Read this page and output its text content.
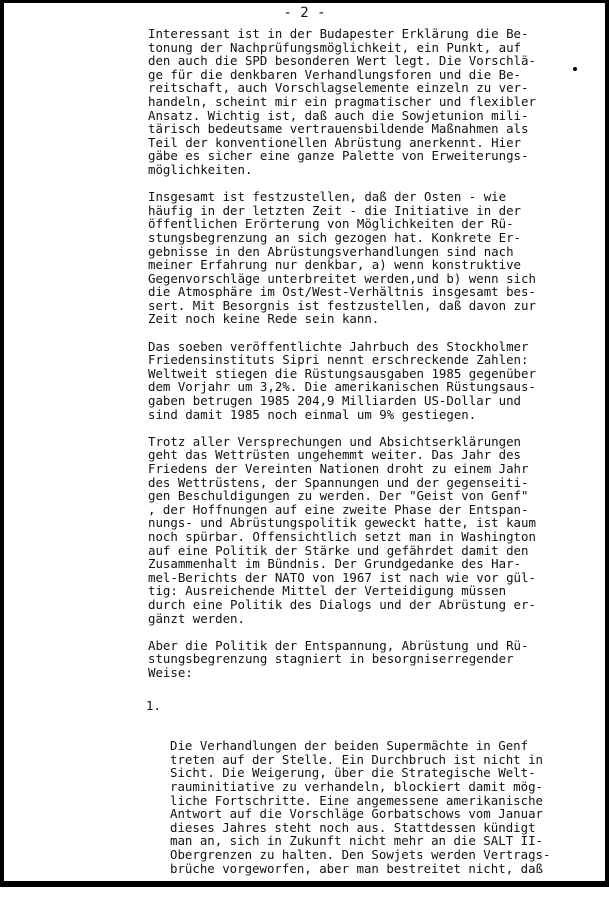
- 2 -

Interessant ist in der Budapester Erklärung die Be-
tonung der Nachprüfungsmöglichkeit, ein Punkt, auf
den auch die SPD besonderen Wert legt. Die Vorschlä-
ge für die denkbaren Verhandlungsforen und die Be-
reitschaft, auch Vorschlagselemente einzeln zu ver-
handeln, scheint mir ein pragmatischer und flexibler
Ansatz. Wichtig ist, daß auch die Sowjetunion mili-
tärisch bedeutsame vertrauensbildende Maßnahmen als
Teil der konventionellen Abrüstung anerkennt. Hier
gäbe es sicher eine ganze Palette von Erweiterungs-
möglichkeiten.

Insgesamt ist festzustellen, daß der Osten - wie
häufig in der letzten Zeit - die Initiative in der
öffentlichen Erörterung von Möglichkeiten der Rü-
stungsbegrenzung an sich gezogen hat. Konkrete Er-
gebnisse in den Abrüstungsverhandlungen sind nach
meiner Erfahrung nur denkbar, a) wenn konstruktive
Gegenvorschläge unterbreitet werden,und b) wenn sich
die Atmosphäre im Ost/West-Verhältnis insgesamt bes-
sert. Mit Besorgnis ist festzustellen, daß davon zur
Zeit noch keine Rede sein kann.

Das soeben veröffentlichte Jahrbuch des Stockholmer
Friedensinstituts Sipri nennt erschreckende Zahlen:
Weltweit stiegen die Rüstungsausgaben 1985 gegenüber
dem Vorjahr um 3,2%. Die amerikanischen Rüstungsaus-
gaben betrugen 1985 204,9 Milliarden US-Dollar und
sind damit 1985 noch einmal um 9% gestiegen.

Trotz aller Versprechungen und Absichtserklärungen
geht das Wettrüsten ungehemmt weiter. Das Jahr des
Friedens der Vereinten Nationen droht zu einem Jahr
des Wettrüstens, der Spannungen und der gegenseiti-
gen Beschuldigungen zu werden. Der "Geist von Genf"
, der Hoffnungen auf eine zweite Phase der Entspan-
nungs- und Abrüstungspolitik geweckt hatte, ist kaum
noch spürbar. Offensichtlich setzt man in Washington
auf eine Politik der Stärke und gefährdet damit den
Zusammenhalt im Bündnis. Der Grundgedanke des Har-
mel-Berichts der NATO von 1967 ist nach wie vor gül-
tig: Ausreichende Mittel der Verteidigung müssen
durch eine Politik des Dialogs und der Abrüstung er-
gänzt werden.

Aber die Politik der Entspannung, Abrüstung und Rü-
stungsbegrenzung stagniert in besorgniserregender
Weise:

1.

Die Verhandlungen der beiden Supermächte in Genf
treten auf der Stelle. Ein Durchbruch ist nicht in
Sicht. Die Weigerung, über die Strategische Welt-
rauminitiative zu verhandeln, blockiert damit mög-
liche Fortschritte. Eine angemessene amerikanische
Antwort auf die Vorschläge Gorbatschows vom Januar
dieses Jahres steht noch aus. Stattdessen kündigt
man an, sich in Zukunft nicht mehr an die SALT II-
Obergrenzen zu halten. Den Sowjets werden Vertrags-
brüche vorgeworfen, aber man bestreitet nicht, daß
